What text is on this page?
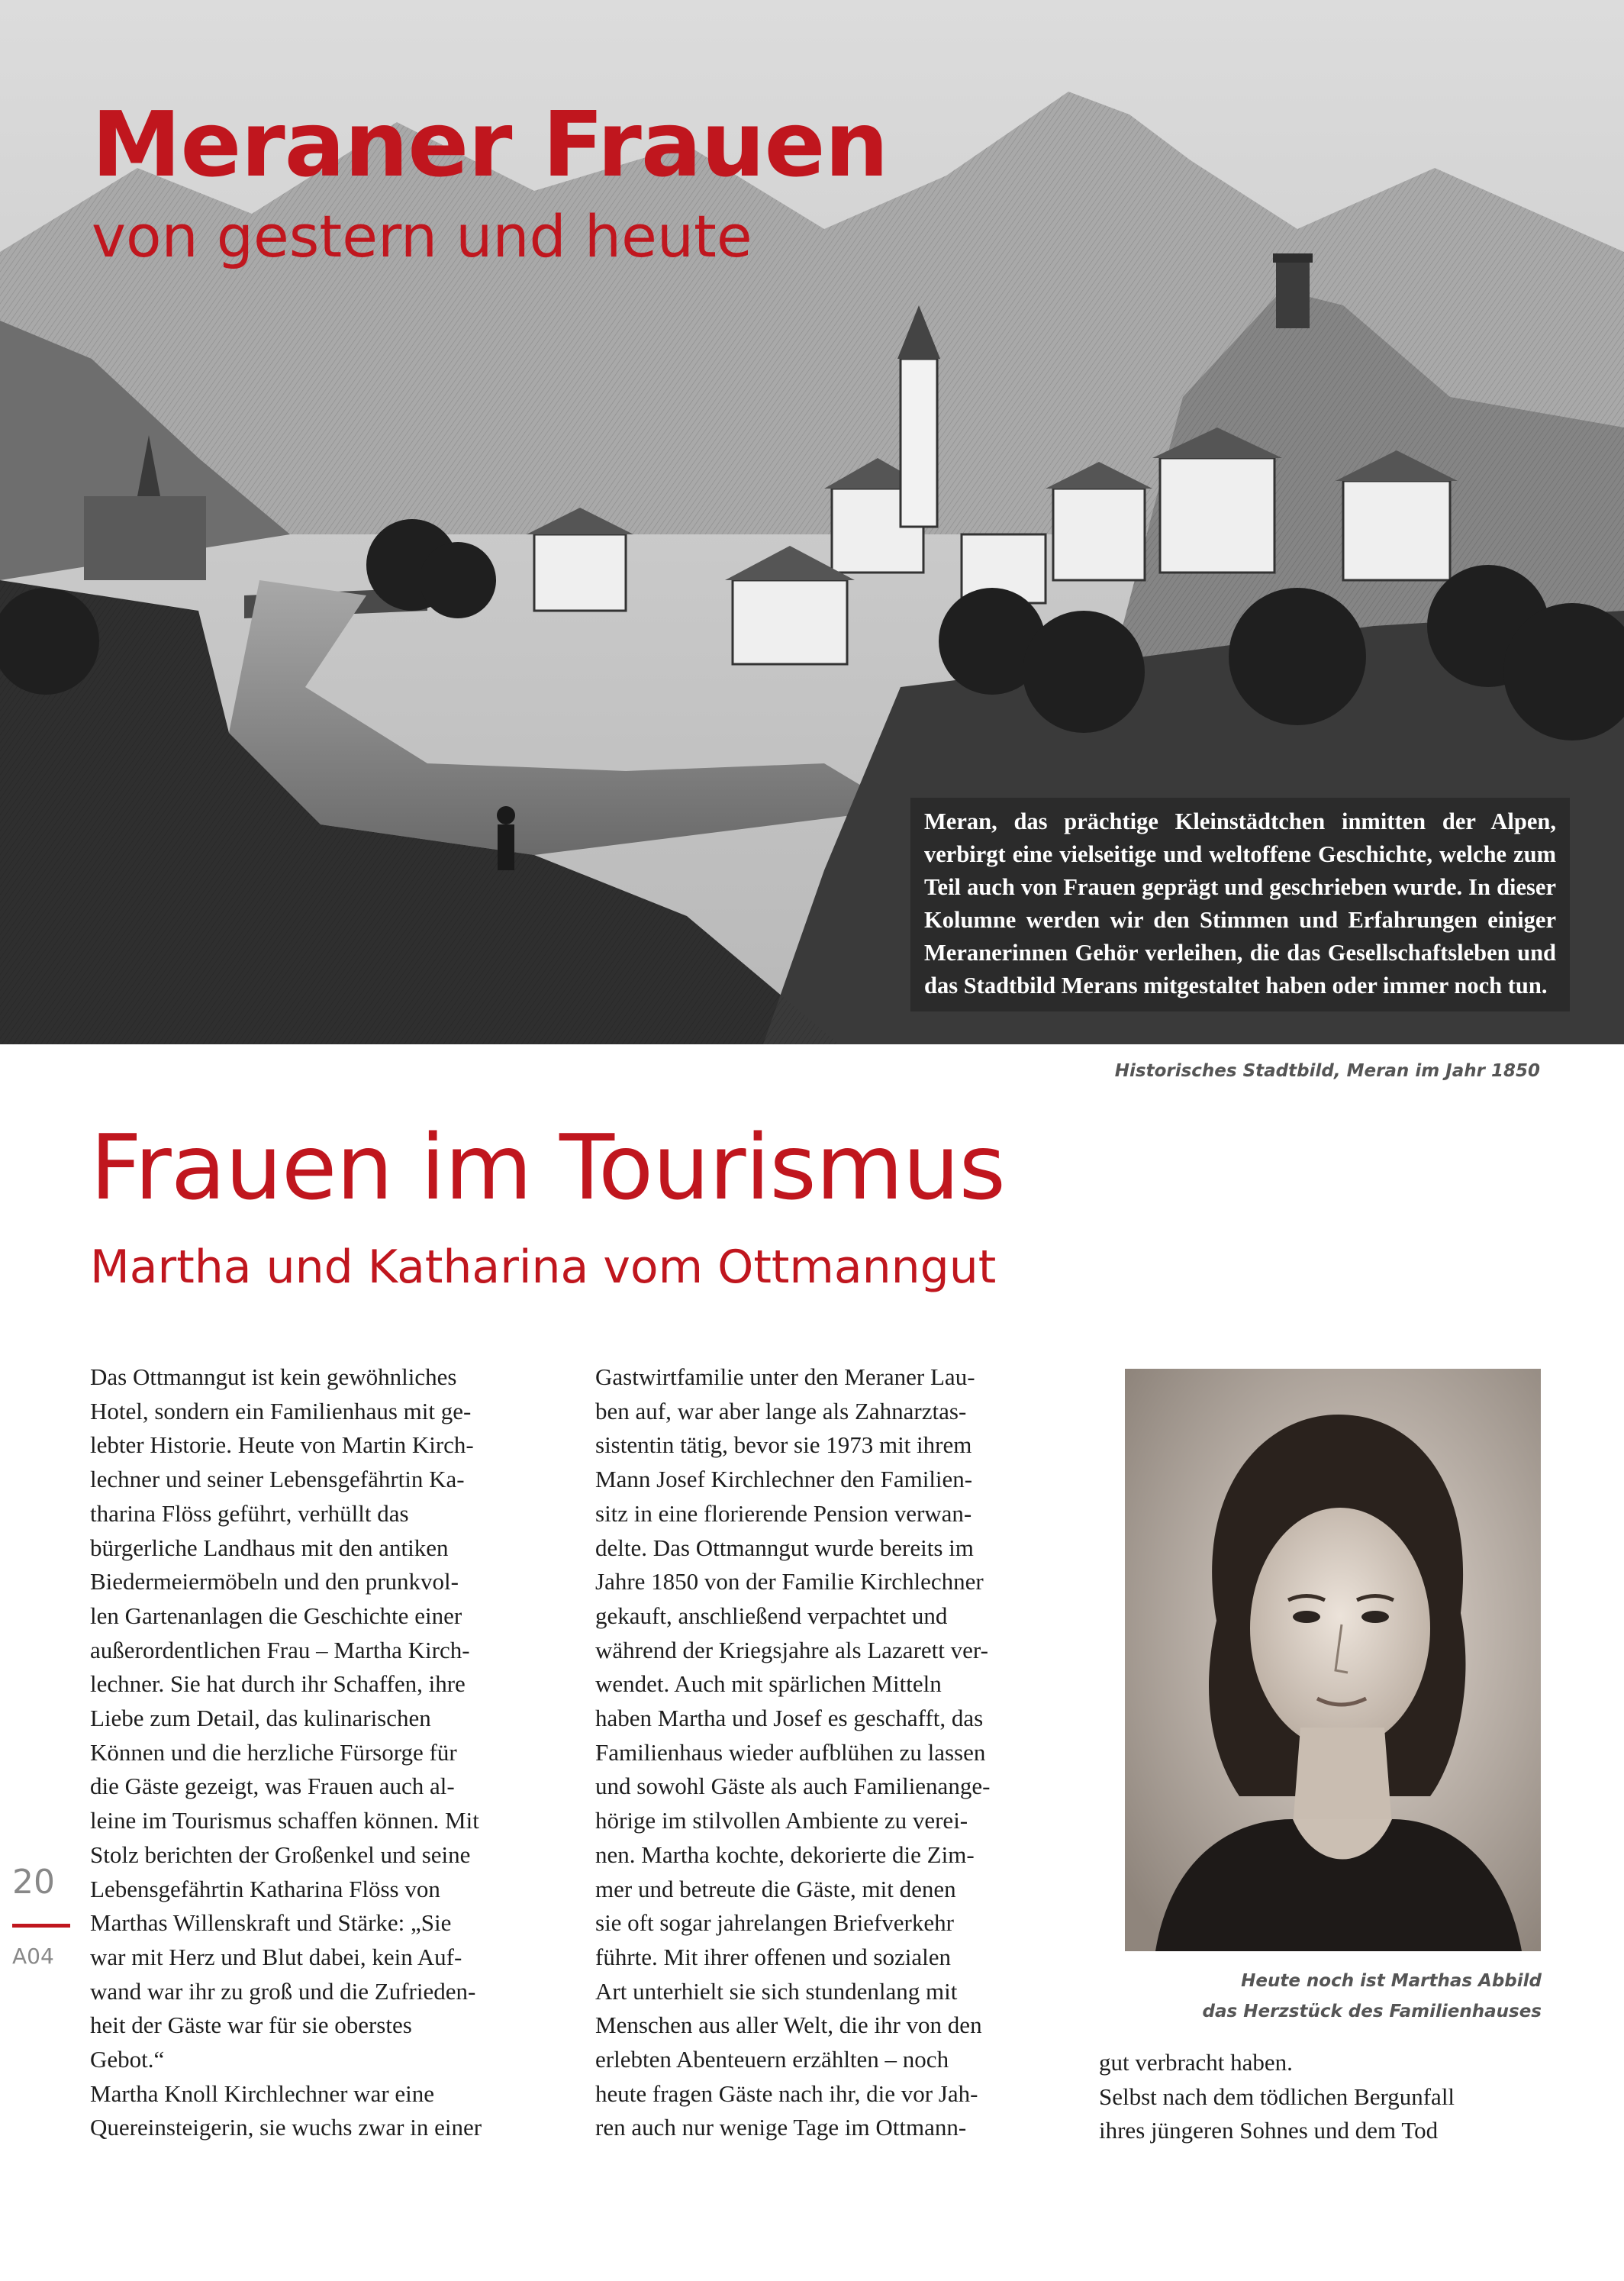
Meraner Frauen
von gestern und heute
Meran, das prächtige Kleinstädtchen inmitten der Alpen, verbirgt eine vielseitige und weltoffene Geschichte, welche zum Teil auch von Frauen geprägt und geschrieben wurde. In dieser Kolumne werden wir den Stimmen und Erfahrungen einiger Meranerinnen Gehör verleihen, die das Gesellschaftsleben und das Stadtbild Merans mitgestaltet haben oder immer noch tun.
Historisches Stadtbild, Meran im Jahr 1850
Frauen im Tourismus
Martha und Katharina vom Ottmanngut
Das Ottmanngut ist kein gewöhnliches
Hotel, sondern ein Familienhaus mit ge-
lebter Historie. Heute von Martin Kirch-
lechner und seiner Lebensgefährtin Ka-
tharina Flöss geführt, verhüllt das
bürgerliche Landhaus mit den antiken
Biedermeiermöbeln und den prunkvol-
len Gartenanlagen die Geschichte einer
außerordentlichen Frau – Martha Kirch-
lechner. Sie hat durch ihr Schaffen, ihre
Liebe zum Detail, das kulinarischen
Können und die herzliche Fürsorge für
die Gäste gezeigt, was Frauen auch al-
leine im Tourismus schaffen können. Mit
Stolz berichten der Großenkel und seine
Lebensgefährtin Katharina Flöss von
Marthas Willenskraft und Stärke: „Sie
war mit Herz und Blut dabei, kein Auf-
wand war ihr zu groß und die Zufrieden-
heit der Gäste war für sie oberstes
Gebot.“
Martha Knoll Kirchlechner war eine
Quereinsteigerin, sie wuchs zwar in einer
Gastwirtfamilie unter den Meraner Lau-
ben auf, war aber lange als Zahnarztas-
sistentin tätig, bevor sie 1973 mit ihrem
Mann Josef Kirchlechner den Familien-
sitz in eine florierende Pension verwan-
delte. Das Ottmanngut wurde bereits im
Jahre 1850 von der Familie Kirchlechner
gekauft, anschließend verpachtet und
während der Kriegsjahre als Lazarett ver-
wendet. Auch mit spärlichen Mitteln
haben Martha und Josef es geschafft, das
Familienhaus wieder aufblühen zu lassen
und sowohl Gäste als auch Familienange-
hörige im stilvollen Ambiente zu verei-
nen. Martha kochte, dekorierte die Zim-
mer und betreute die Gäste, mit denen
sie oft sogar jahrelangen Briefverkehr
führte. Mit ihrer offenen und sozialen
Art unterhielt sie sich stundenlang mit
Menschen aus aller Welt, die ihr von den
erlebten Abenteuern erzählten – noch
heute fragen Gäste nach ihr, die vor Jah-
ren auch nur wenige Tage im Ottmann-
Heute noch ist Marthas Abbild
das Herzstück des Familienhauses
gut verbracht haben.
Selbst nach dem tödlichen Bergunfall
ihres jüngeren Sohnes und dem Tod
20
A04
